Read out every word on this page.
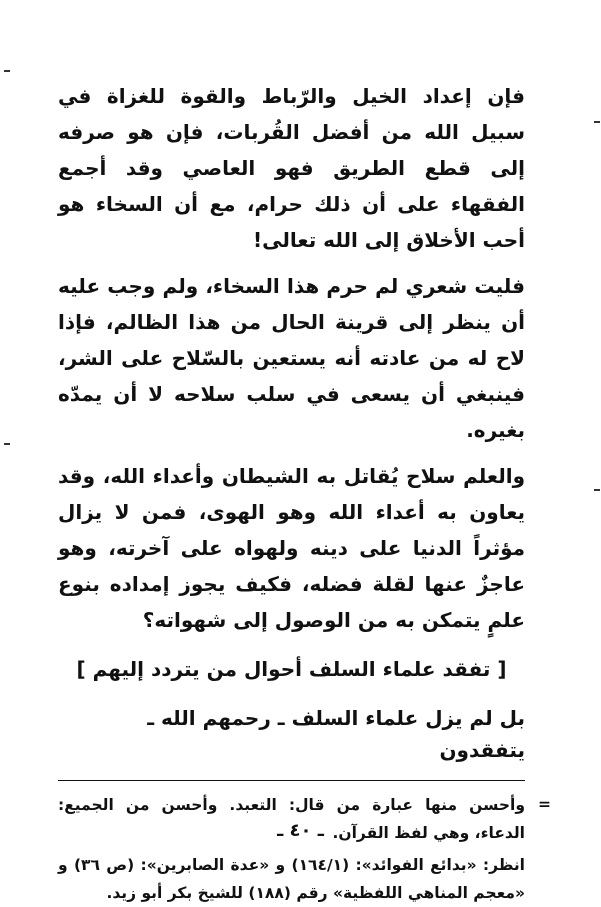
فإن إعداد الخيل والرّباط والقوة للغزاة في سبيل الله من أفضل القُربات، فإن هو صرفه إلى قطع الطريق فهو العاصي وقد أجمع الفقهاء على أن ذلك حرام، مع أن السخاء هو أحب الأخلاق إلى الله تعالى!

فليت شعري لم حرم هذا السخاء، ولم وجب عليه أن ينظر إلى قرينة الحال من هذا الظالم، فإذا لاح له من عادته أنه يستعين بالسّلاح على الشر، فينبغي أن يسعى في سلب سلاحه لا أن يمدّه بغيره.

والعلم سلاح يُقاتل به الشيطان وأعداء الله، وقد يعاون به أعداء الله وهو الهوى، فمن لا يزال مؤثراً الدنيا على دينه ولهواه على آخرته، وهو عاجزٌ عنها لقلة فضله، فكيف يجوز إمداده بنوع علمٍ يتمكن به من الوصول إلى شهواته؟

[ تفقد علماء السلف أحوال من يتردد إليهم ]

بل لم يزل علماء السلف ـ رحمهم الله ـ يتفقدون

=
وأحسن منها عبارة من قال: التعبد. وأحسن من الجميع: الدعاء، وهي لفظ القرآن.

انظر: «بدائع الفوائد»: (١٦٤/١) و «عدة الصابرين»: (ص ٣٦) و «معجم المناهي اللفظية» رقم (١٨٨) للشيخ بكر أبو زيد.

ـ ٤٠ ـ
